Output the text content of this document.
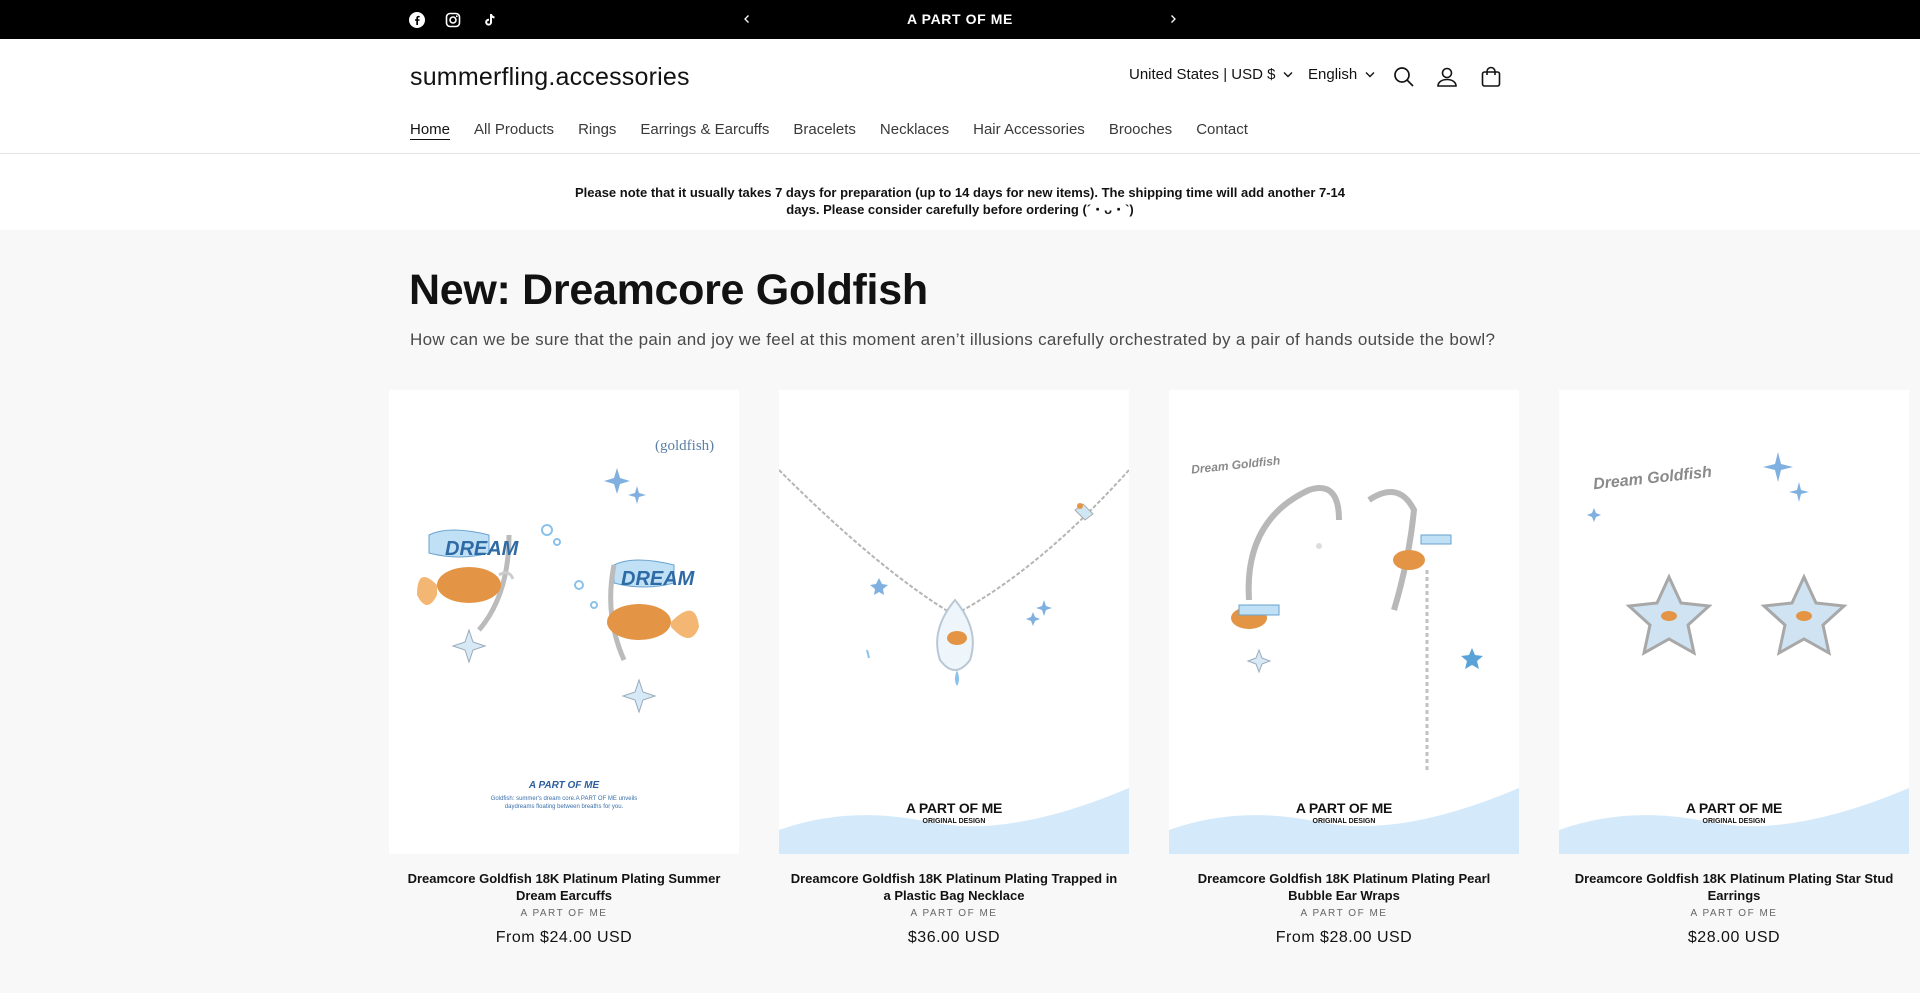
A PART OF ME
summerfling.accessories	United States | USD $ English
Home All Products Rings Earrings & Earcuffs Bracelets Necklaces Hair Accessories Brooches Contact

Please note that it usually takes 7 days for preparation (up to 14 days for new items). The shipping time will add another 7-14 days. Please consider carefully before ordering (´・ᴗ・`)

New: Dreamcore Goldfish

How can we be sure that the pain and joy we feel at this moment aren’t illusions carefully orchestrated by a pair of hands outside the bowl?

(goldfish)
DREAM
DREAM
A PART OF ME
Goldfish: summer's dream core.A PART OF ME unveils daydreams floating between breaths for you.
Dreamcore Goldfish 18K Platinum Plating Summer Dream Earcuffs
A PART OF ME
From $24.00 USD
A PART OF ME
ORIGINAL DESIGN
Dreamcore Goldfish 18K Platinum Plating Trapped in a Plastic Bag Necklace
A PART OF ME
$36.00 USD
Dream Goldfish
A PART OF ME
ORIGINAL DESIGN
Dreamcore Goldfish 18K Platinum Plating Pearl Bubble Ear Wraps
A PART OF ME
From $28.00 USD
Dream Goldfish
A PART OF ME
ORIGINAL DESIGN
Dreamcore Goldfish 18K Platinum Plating Star Stud Earrings
A PART OF ME
$28.00 USD
